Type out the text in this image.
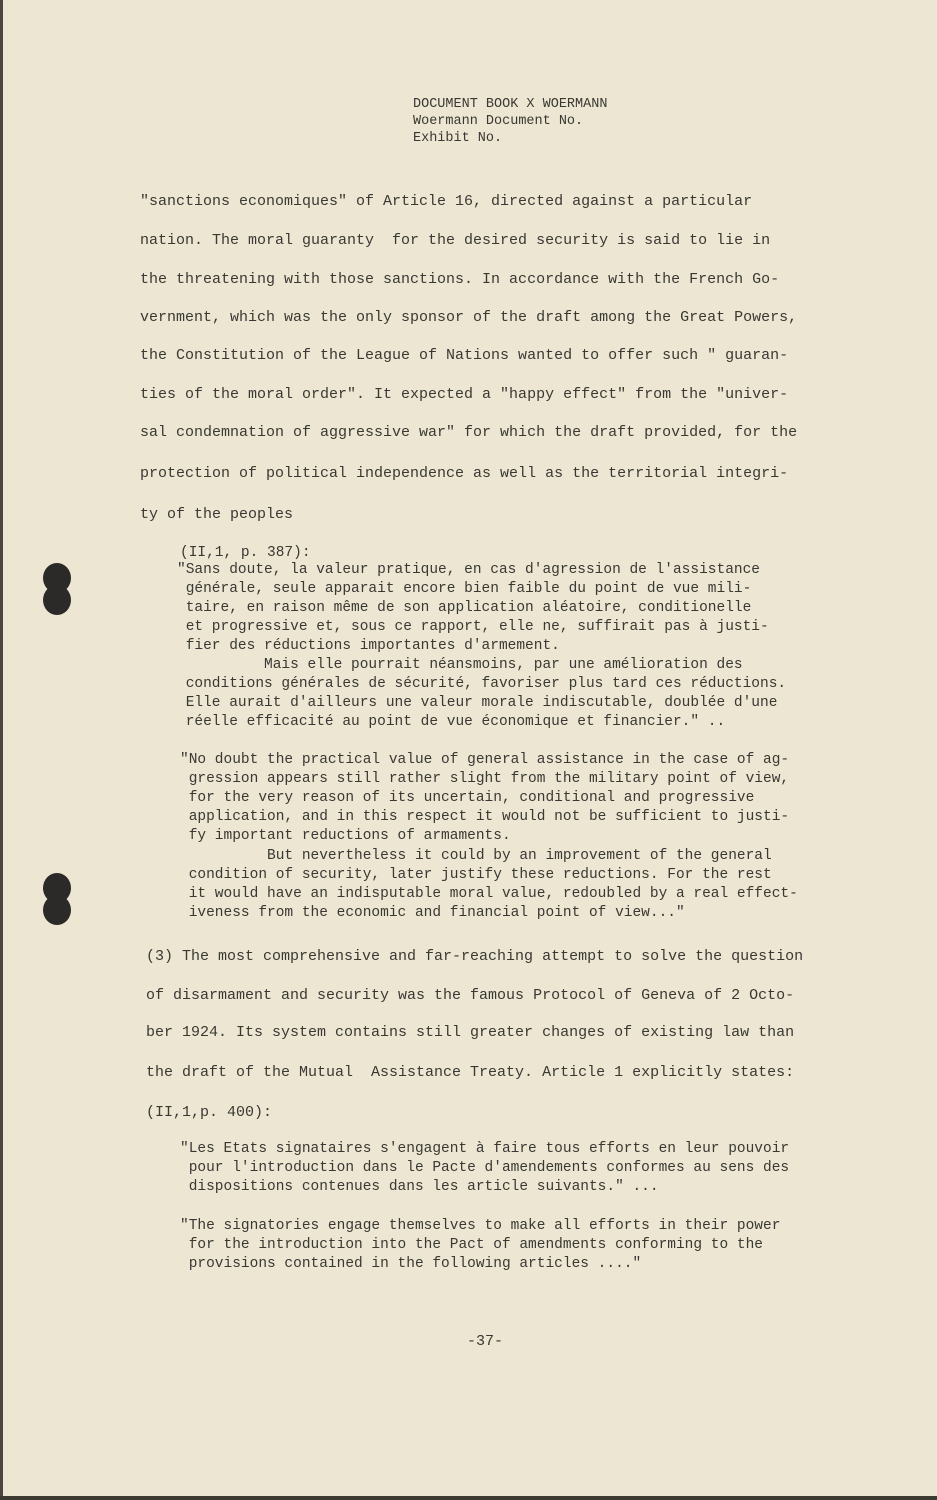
DOCUMENT BOOK X WOERMANN
Woermann Document No.
Exhibit No.
"sanctions economiques" of Article 16, directed against a particular
nation. The moral guaranty  for the desired security is said to lie in
the threatening with those sanctions. In accordance with the French Go-
vernment, which was the only sponsor of the draft among the Great Powers,
the Constitution of the League of Nations wanted to offer such " guaran-
ties of the moral order". It expected a "happy effect" from the "univer-
sal condemnation of aggressive war" for which the draft provided, for the
protection of political independence as well as the territorial integri-
ty of the peoples
(II,1, p. 387):
"Sans doute, la valeur pratique, en cas d'agression de l'assistance
générale, seule apparait encore bien faible du point de vue mili-
taire, en raison même de son application aléatoire, conditionelle
et progressive et, sous ce rapport, elle ne, suffirait pas à justi-
fier des réductions importantes d'armement.
Mais elle pourrait néansmoins, par une amélioration des
conditions générales de sécurité, favoriser plus tard ces réductions.
Elle aurait d'ailleurs une valeur morale indiscutable, doublée d'une
réelle efficacité au point de vue économique et financier." ..
"No doubt the practical value of general assistance in the case of ag-
gression appears still rather slight from the military point of view,
for the very reason of its uncertain, conditional and progressive
application, and in this respect it would not be sufficient to justi-
fy important reductions of armaments.
But nevertheless it could by an improvement of the general
condition of security, later justify these reductions. For the rest
it would have an indisputable moral value, redoubled by a real effect-
iveness from the economic and financial point of view..."
(3) The most comprehensive and far-reaching attempt to solve the question
of disarmament and security was the famous Protocol of Geneva of 2 Octo-
ber 1924. Its system contains still greater changes of existing law than
the draft of the Mutual  Assistance Treaty. Article 1 explicitly states:
(II,1,p. 400):
"Les Etats signataires s'engagent à faire tous efforts en leur pouvoir
pour l'introduction dans le Pacte d'amendements conformes au sens des
dispositions contenues dans les article suivants." ...
"The signatories engage themselves to make all efforts in their power
for the introduction into the Pact of amendments conforming to the
provisions contained in the following articles ...."
-37-
